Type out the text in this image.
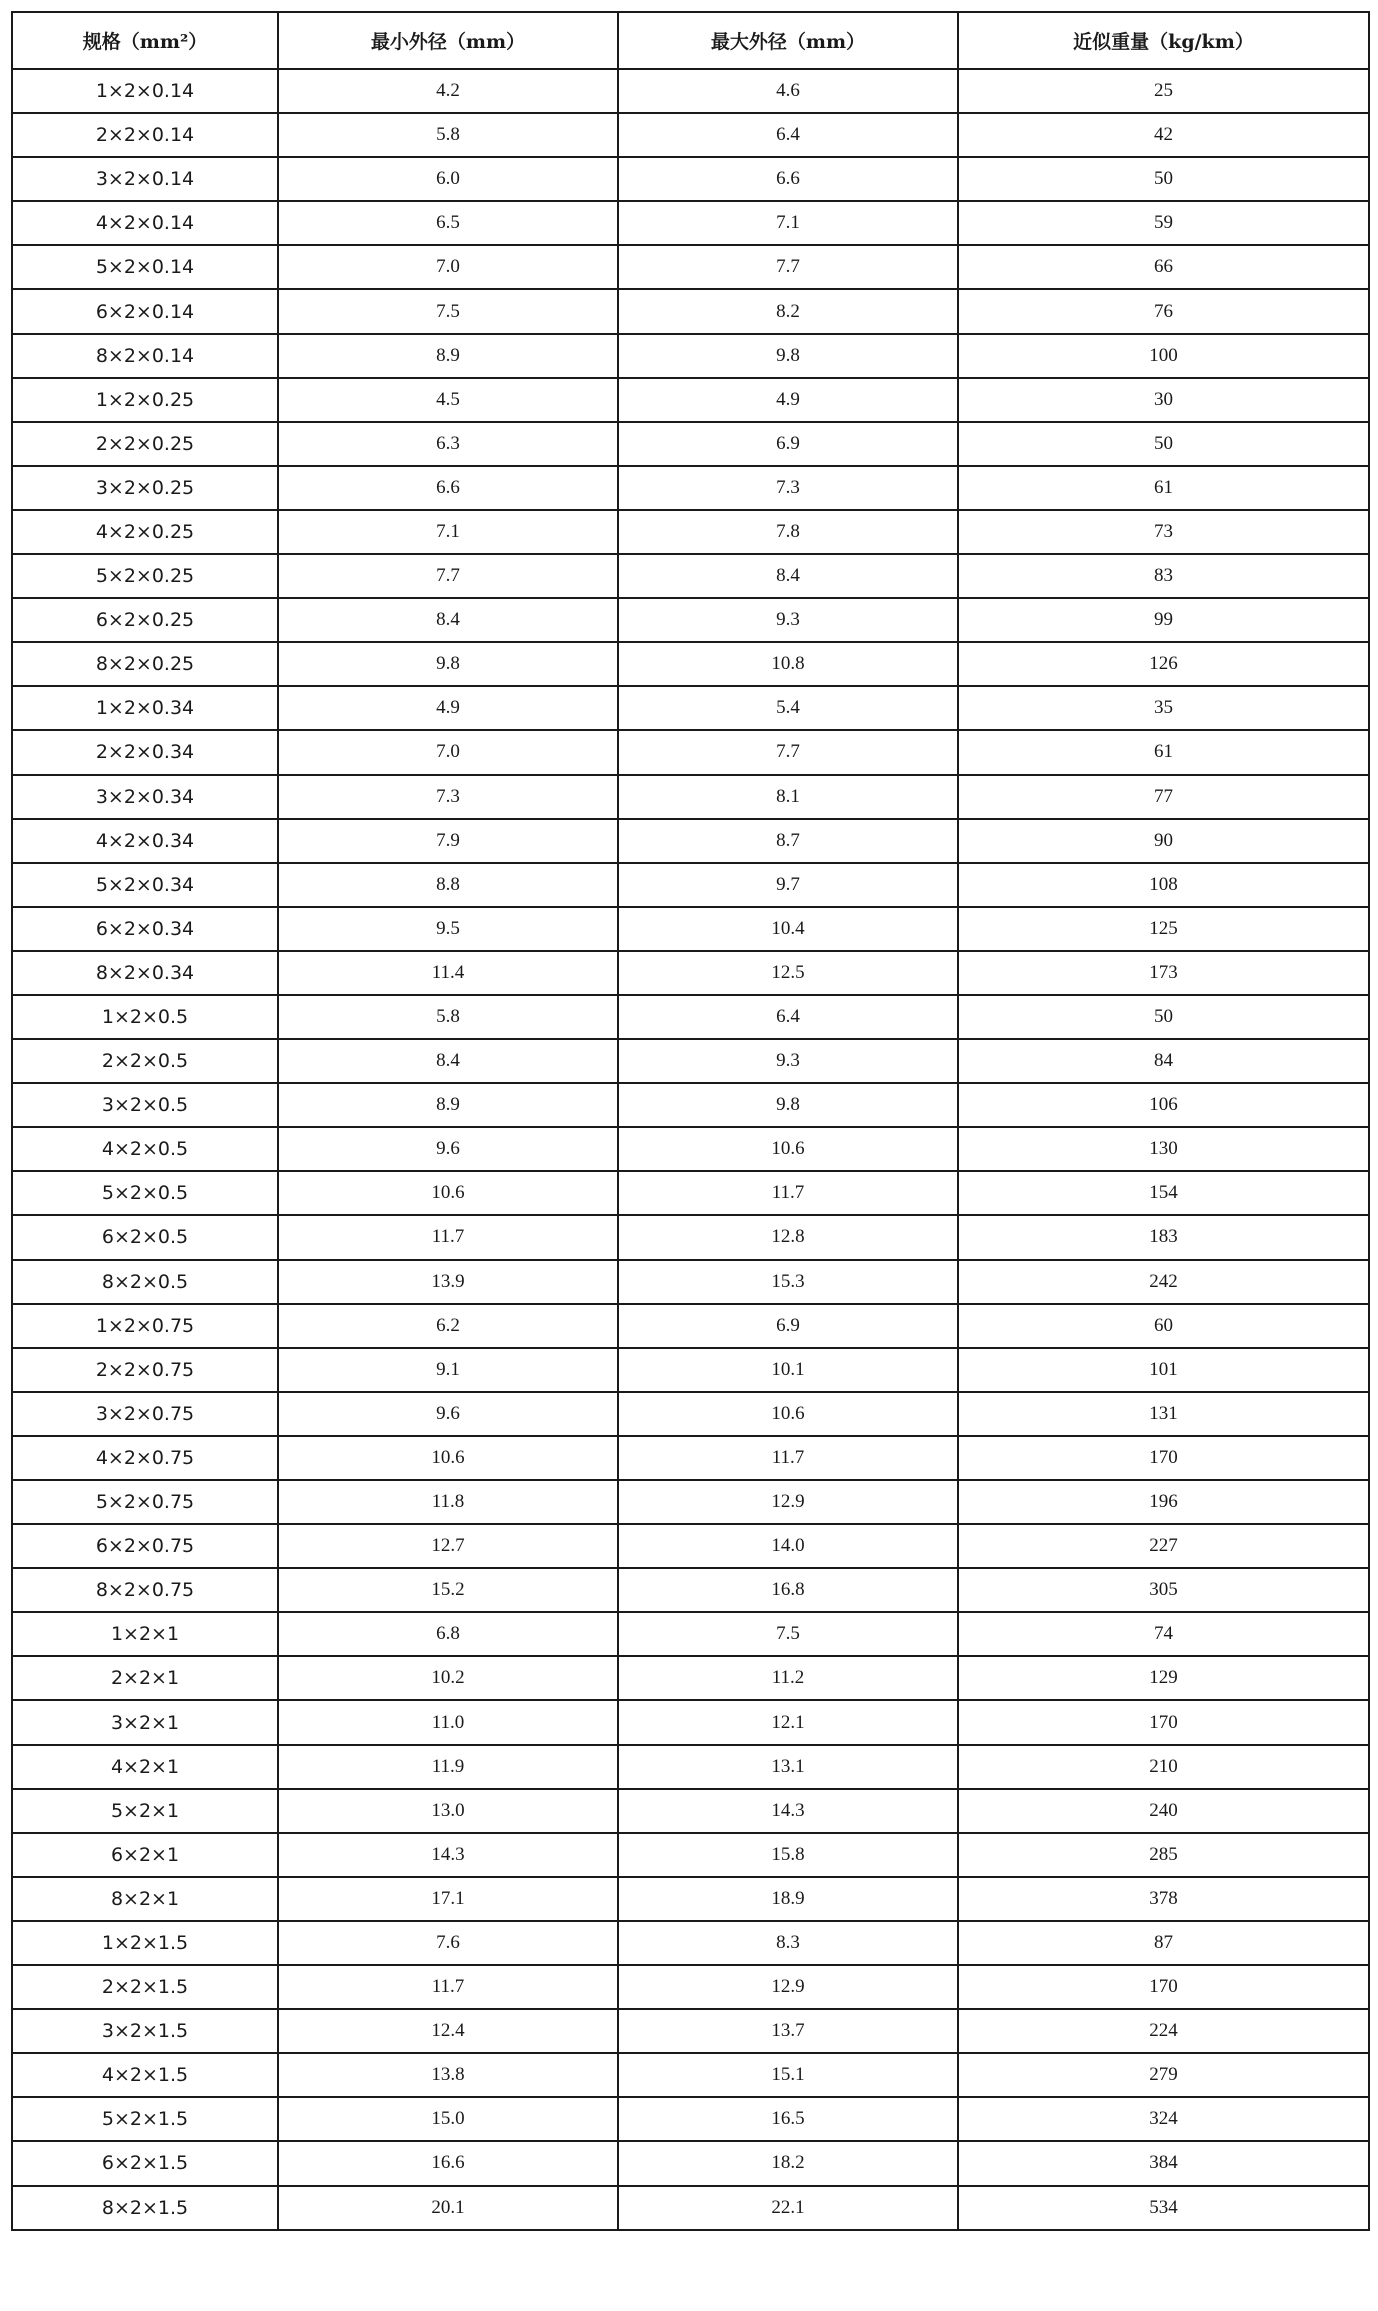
规格（mm²）	最小外径（mm）	最大外径（mm）	近似重量（kg/km）
1×2×0.14	4.2	4.6	25
2×2×0.14	5.8	6.4	42
3×2×0.14	6.0	6.6	50
4×2×0.14	6.5	7.1	59
5×2×0.14	7.0	7.7	66
6×2×0.14	7.5	8.2	76
8×2×0.14	8.9	9.8	100
1×2×0.25	4.5	4.9	30
2×2×0.25	6.3	6.9	50
3×2×0.25	6.6	7.3	61
4×2×0.25	7.1	7.8	73
5×2×0.25	7.7	8.4	83
6×2×0.25	8.4	9.3	99
8×2×0.25	9.8	10.8	126
1×2×0.34	4.9	5.4	35
2×2×0.34	7.0	7.7	61
3×2×0.34	7.3	8.1	77
4×2×0.34	7.9	8.7	90
5×2×0.34	8.8	9.7	108
6×2×0.34	9.5	10.4	125
8×2×0.34	11.4	12.5	173
1×2×0.5	5.8	6.4	50
2×2×0.5	8.4	9.3	84
3×2×0.5	8.9	9.8	106
4×2×0.5	9.6	10.6	130
5×2×0.5	10.6	11.7	154
6×2×0.5	11.7	12.8	183
8×2×0.5	13.9	15.3	242
1×2×0.75	6.2	6.9	60
2×2×0.75	9.1	10.1	101
3×2×0.75	9.6	10.6	131
4×2×0.75	10.6	11.7	170
5×2×0.75	11.8	12.9	196
6×2×0.75	12.7	14.0	227
8×2×0.75	15.2	16.8	305
1×2×1	6.8	7.5	74
2×2×1	10.2	11.2	129
3×2×1	11.0	12.1	170
4×2×1	11.9	13.1	210
5×2×1	13.0	14.3	240
6×2×1	14.3	15.8	285
8×2×1	17.1	18.9	378
1×2×1.5	7.6	8.3	87
2×2×1.5	11.7	12.9	170
3×2×1.5	12.4	13.7	224
4×2×1.5	13.8	15.1	279
5×2×1.5	15.0	16.5	324
6×2×1.5	16.6	18.2	384
8×2×1.5	20.1	22.1	534
